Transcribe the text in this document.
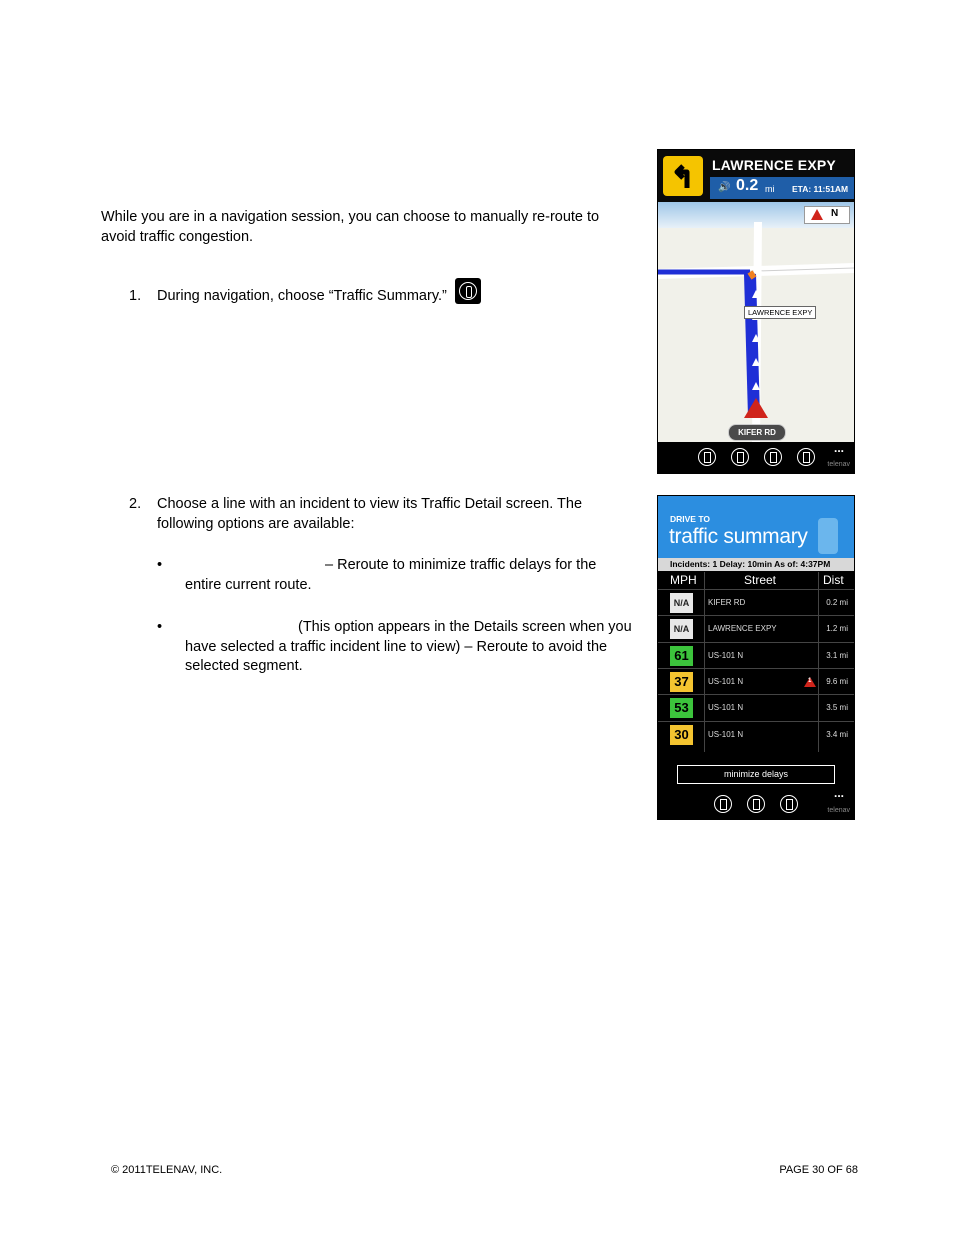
While you are in a navigation session, you can choose to manually re-route to avoid traffic congestion.
1. During navigation, choose “Traffic Summary.”
2. Choose a line with an incident to view its Traffic Detail screen. The
following options are available:
•	– Reroute to minimize traffic delays for the
entire current route.
•	(This option appears in the Details screen when you
have selected a traffic incident line to view) – Reroute to avoid the
selected segment.
LAWRENCE EXPY
🔊 0.2 mi ETA: 11:51AM
N
LAWRENCE EXPY
KIFER RD
...
telenav
DRIVE TO
traffic summary
Incidents: 1 Delay: 10min As of: 4:37PM
MPH	Street	Dist
N/A	KIFER RD	0.2 mi
N/A	LAWRENCE EXPY	1.2 mi
61	US-101 N	3.1 mi
37	US-101 N	1 9.6 mi
53	US-101 N	3.5 mi
30	US-101 N	3.4 mi
minimize delays
...
telenav
© 2011TELENAV, INC.	PAGE 30 OF 68
